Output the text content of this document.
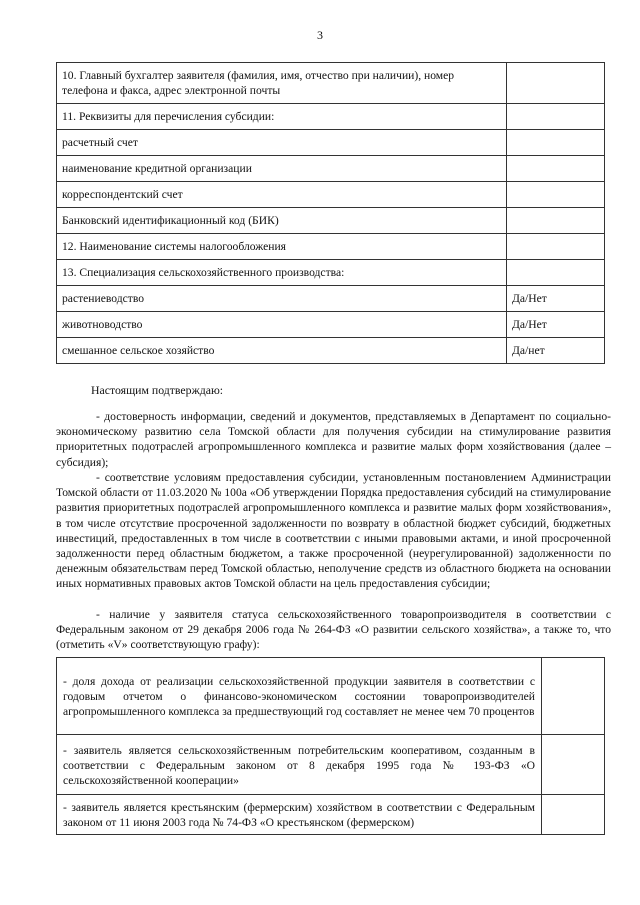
3
10. Главный бухгалтер заявителя (фамилия, имя, отчество при наличии), номер телефона и факса, адрес электронной почты	
11. Реквизиты для перечисления субсидии:	
расчетный счет	
наименование кредитной организации	
корреспондентский счет	
Банковский идентификационный код (БИК)	
12. Наименование системы налогообложения	
13. Специализация сельскохозяйственного производства:	
растениеводство	Да/Нет
животноводство	Да/Нет
смешанное сельское хозяйство	Да/нет
Настоящим подтверждаю:

- достоверность информации, сведений и документов, представляемых в Департамент по социально-экономическому развитию села Томской области для получения субсидии на стимулирование развития приоритетных подотраслей агропромышленного комплекса и развитие малых форм хозяйствования (далее – субсидия);

- соответствие условиям предоставления субсидии, установленным постановлением Администрации Томской области от 11.03.2020 № 100а «Об утверждении Порядка предоставления субсидий на стимулирование развития приоритетных подотраслей агропромышленного комплекса и развитие малых форм хозяйствования», в том числе отсутствие просроченной задолженности по возврату в областной бюджет субсидий, бюджетных инвестиций, предоставленных в том числе в соответствии с иными правовыми актами, и иной просроченной задолженности перед областным бюджетом, а также просроченной (неурегулированной) задолженности по денежным обязательствам перед Томской областью, неполучение средств из областного бюджета на основании иных нормативных правовых актов Томской области на цель предоставления субсидии;

- наличие у заявителя статуса сельскохозяйственного товаропроизводителя в соответствии с Федеральным законом от 29 декабря 2006 года № 264-ФЗ «О развитии сельского хозяйства», а также то, что (отметить «V» соответствующую графу):

- доля дохода от реализации сельскохозяйственной продукции заявителя в соответствии с годовым отчетом о финансово-экономическом состоянии товаропроизводителей агропромышленного комплекса за предшествующий год составляет не менее чем 70 процентов	
- заявитель является сельскохозяйственным потребительским кооперативом, созданным в соответствии с Федеральным законом от 8 декабря 1995 года № 193-ФЗ «О сельскохозяйственной кооперации»	
- заявитель является крестьянским (фермерским) хозяйством в соответствии с Федеральным законом от 11 июня 2003 года № 74-ФЗ «О крестьянском (фермерском)	
